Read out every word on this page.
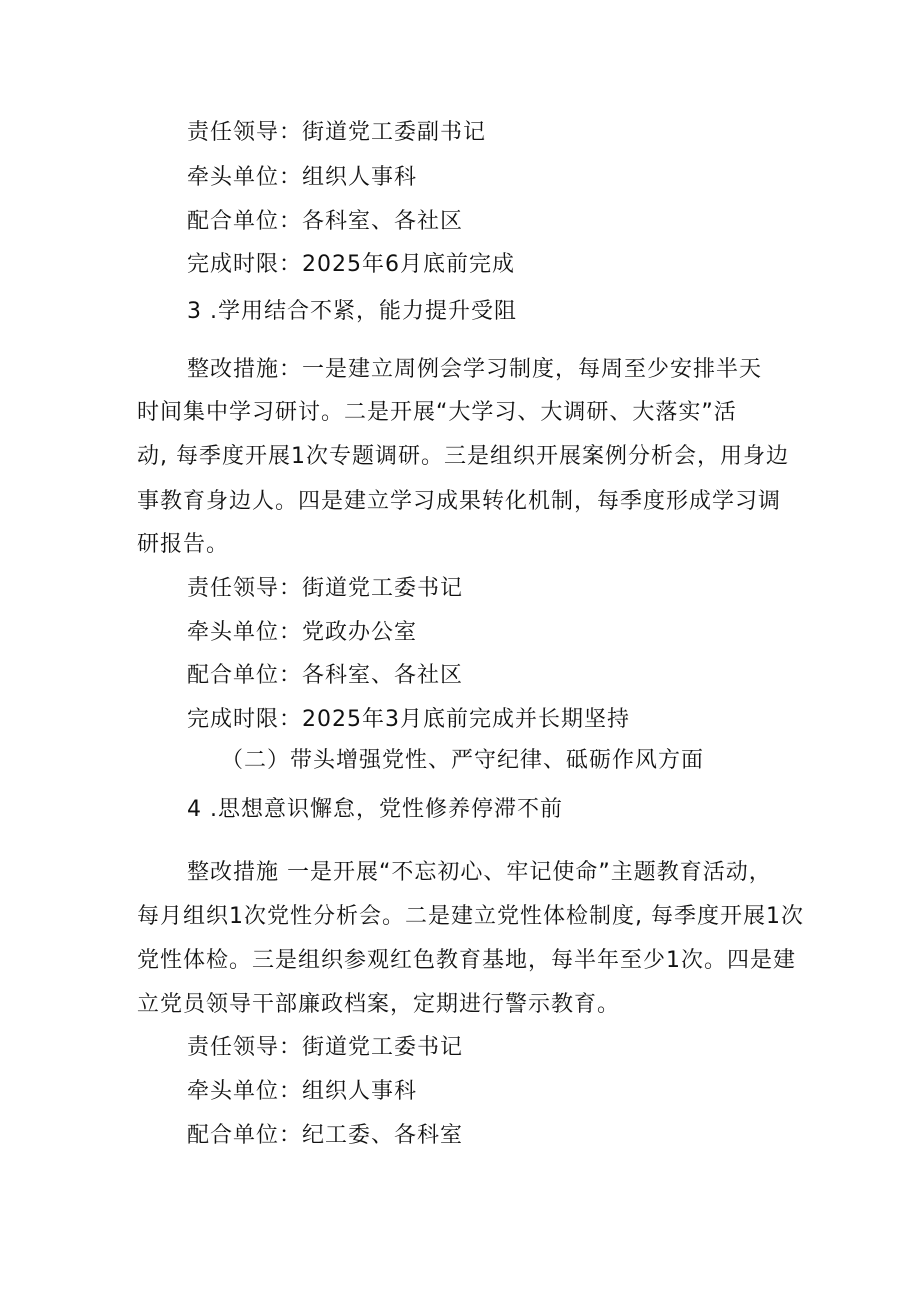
责任领导：街道党工委副书记
牵头单位：组织人事科
配合单位：各科室、各社区
完成时限：2025年6月底前完成
3 .学用结合不紧，能力提升受阻
整改措施：一是建立周例会学习制度，每周至少安排半天
时间集中学习研讨。二是开展“大学习、大调研、大落实”活
动, 每季度开展1次专题调研。三是组织开展案例分析会，用身边
事教育身边人。四是建立学习成果转化机制，每季度形成学习调
研报告。
责任领导：街道党工委书记
牵头单位：党政办公室
配合单位：各科室、各社区
完成时限：2025年3月底前完成并长期坚持
（二）带头增强党性、严守纪律、砥砺作风方面
4 .思想意识懈怠，党性修养停滞不前
整改措施 一是开展“不忘初心、牢记使命”主题教育活动，
每月组织1次党性分析会。二是建立党性体检制度, 每季度开展1次
党性体检。三是组织参观红色教育基地，每半年至少1次。四是建
立党员领导干部廉政档案，定期进行警示教育。
责任领导：街道党工委书记
牵头单位：组织人事科
配合单位：纪工委、各科室
